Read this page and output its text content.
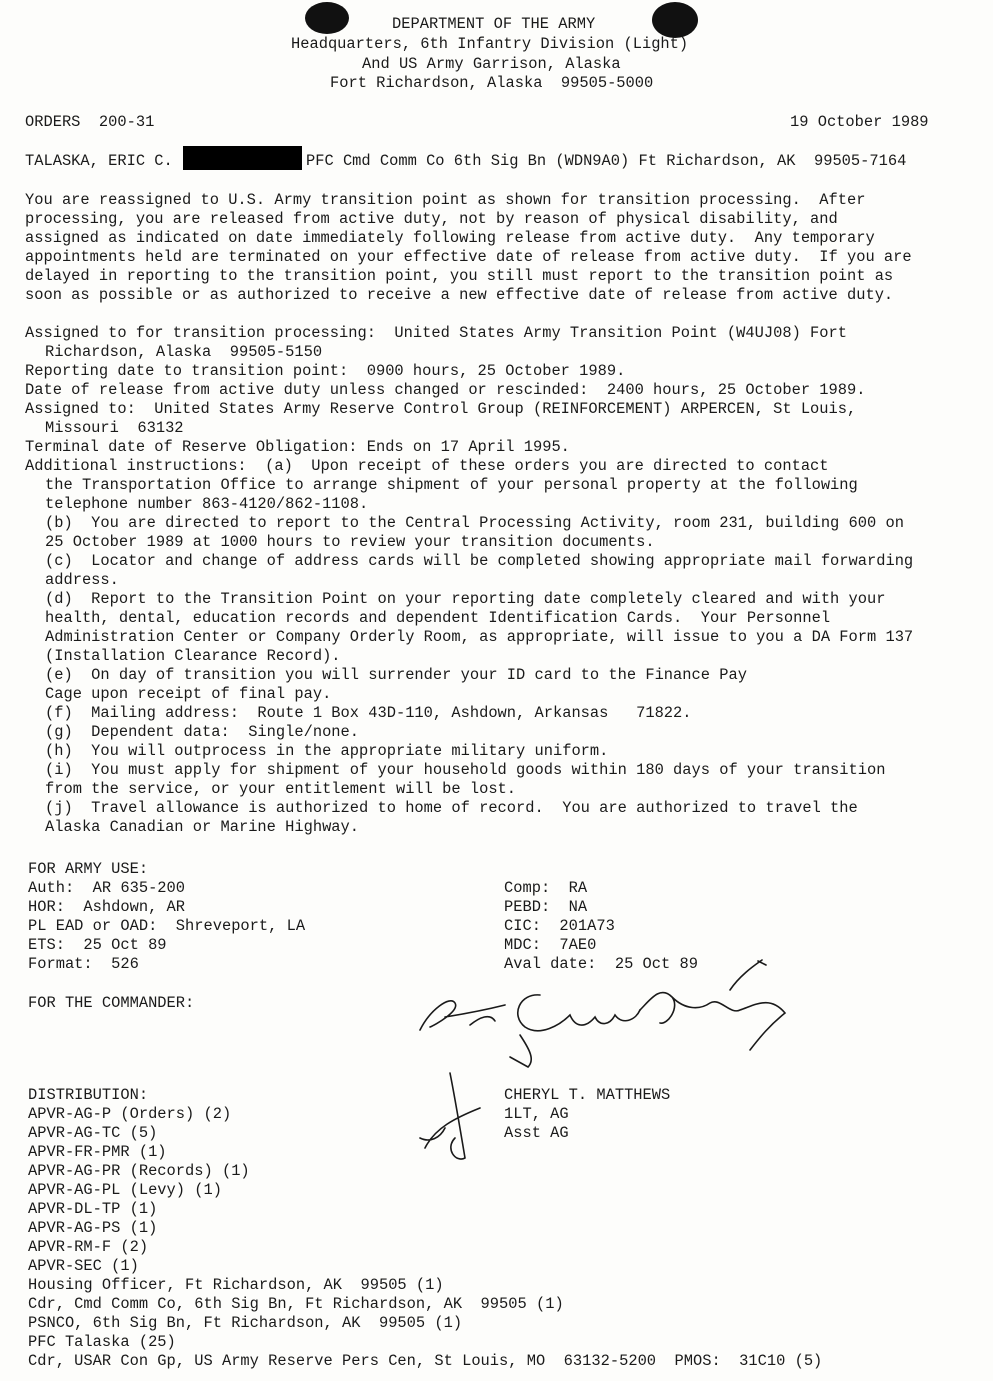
DEPARTMENT OF THE ARMY
Headquarters, 6th Infantry Division (Light)
And US Army Garrison, Alaska
Fort Richardson, Alaska  99505-5000
ORDERS  200-31	19 October 1989
TALASKA, ERIC C.	PFC Cmd Comm Co 6th Sig Bn (WDN9A0) Ft Richardson, AK  99505-7164
You are reassigned to U.S. Army transition point as shown for transition processing.  After
processing, you are released from active duty, not by reason of physical disability, and
assigned as indicated on date immediately following release from active duty.  Any temporary
appointments held are terminated on your effective date of release from active duty.  If you are
delayed in reporting to the transition point, you still must report to the transition point as
soon as possible or as authorized to receive a new effective date of release from active duty.
Assigned to for transition processing:  United States Army Transition Point (W4UJ08) Fort
Richardson, Alaska  99505-5150
Reporting date to transition point:  0900 hours, 25 October 1989.
Date of release from active duty unless changed or rescinded:  2400 hours, 25 October 1989.
Assigned to:  United States Army Reserve Control Group (REINFORCEMENT) ARPERCEN, St Louis,
Missouri  63132
Terminal date of Reserve Obligation: Ends on 17 April 1995.
Additional instructions:  (a)  Upon receipt of these orders you are directed to contact
the Transportation Office to arrange shipment of your personal property at the following
telephone number 863-4120/862-1108.
(b)  You are directed to report to the Central Processing Activity, room 231, building 600 on
25 October 1989 at 1000 hours to review your transition documents.
(c)  Locator and change of address cards will be completed showing appropriate mail forwarding
address.
(d)  Report to the Transition Point on your reporting date completely cleared and with your
health, dental, education records and dependent Identification Cards.  Your Personnel
Administration Center or Company Orderly Room, as appropriate, will issue to you a DA Form 137
(Installation Clearance Record).
(e)  On day of transition you will surrender your ID card to the Finance Pay
Cage upon receipt of final pay.
(f)  Mailing address:  Route 1 Box 43D-110, Ashdown, Arkansas   71822.
(g)  Dependent data:  Single/none.
(h)  You will outprocess in the appropriate military uniform.
(i)  You must apply for shipment of your household goods within 180 days of your transition
from the service, or your entitlement will be lost.
(j)  Travel allowance is authorized to home of record.  You are authorized to travel the
Alaska Canadian or Marine Highway.
FOR ARMY USE:
Auth:  AR 635-200
HOR:  Ashdown, AR
PL EAD or OAD:  Shreveport, LA
ETS:  25 Oct 89
Format:  526
Comp:  RA
PEBD:  NA
CIC:  201A73
MDC:  7AE0
Aval date:  25 Oct 89
FOR THE COMMANDER:
CHERYL T. MATTHEWS
1LT, AG
Asst AG
DISTRIBUTION:
APVR-AG-P (Orders) (2)
APVR-AG-TC (5)
APVR-FR-PMR (1)
APVR-AG-PR (Records) (1)
APVR-AG-PL (Levy) (1)
APVR-DL-TP (1)
APVR-AG-PS (1)
APVR-RM-F (2)
APVR-SEC (1)
Housing Officer, Ft Richardson, AK  99505 (1)
Cdr, Cmd Comm Co, 6th Sig Bn, Ft Richardson, AK  99505 (1)
PSNCO, 6th Sig Bn, Ft Richardson, AK  99505 (1)
PFC Talaska (25)
Cdr, USAR Con Gp, US Army Reserve Pers Cen, St Louis, MO  63132-5200  PMOS:  31C10 (5)
